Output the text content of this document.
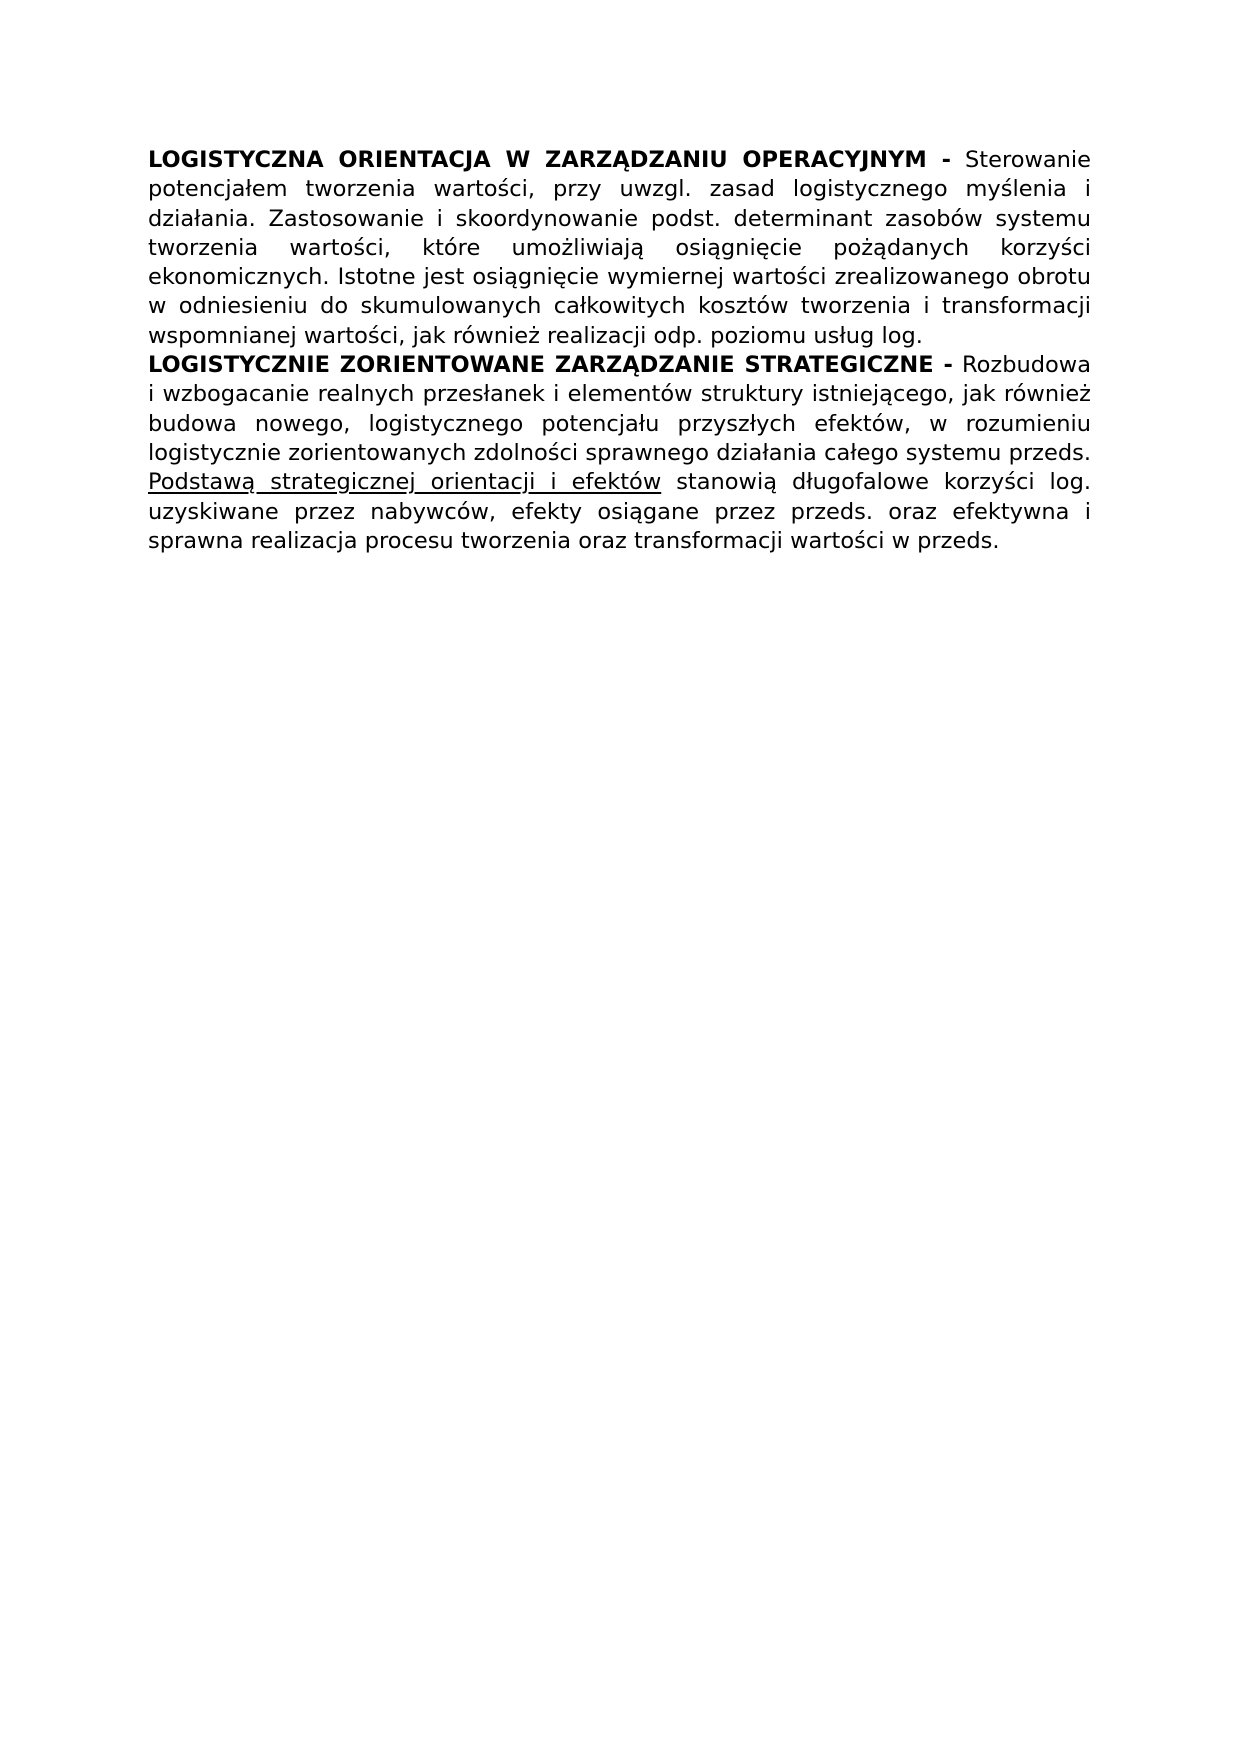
LOGISTYCZNA ORIENTACJA W ZARZĄDZANIU OPERACYJNYM - Sterowanie potencjałem tworzenia wartości, przy uwzgl. zasad logistycznego myślenia i działania. Zastosowanie i skoordynowanie podst. determinant zasobów systemu tworzenia wartości, które umożliwiają osiągnięcie pożądanych korzyści ekonomicznych. Istotne jest osiągnięcie wymiernej wartości zrealizowanego obrotu w odniesieniu do skumulowanych całkowitych kosztów tworzenia i transformacji wspomnianej wartości, jak również realizacji odp. poziomu usług log.

LOGISTYCZNIE ZORIENTOWANE ZARZĄDZANIE STRATEGICZNE - Rozbudowa i wzbogacanie realnych przesłanek i elementów struktury istniejącego, jak również budowa nowego, logistycznego potencjału przyszłych efektów, w rozumieniu logistycznie zorientowanych zdolności sprawnego działania całego systemu przeds. Podstawą strategicznej orientacji i efektów stanowią długofalowe korzyści log. uzyskiwane przez nabywców, efekty osiągane przez przeds. oraz efektywna i sprawna realizacja procesu tworzenia oraz transformacji wartości w przeds.
